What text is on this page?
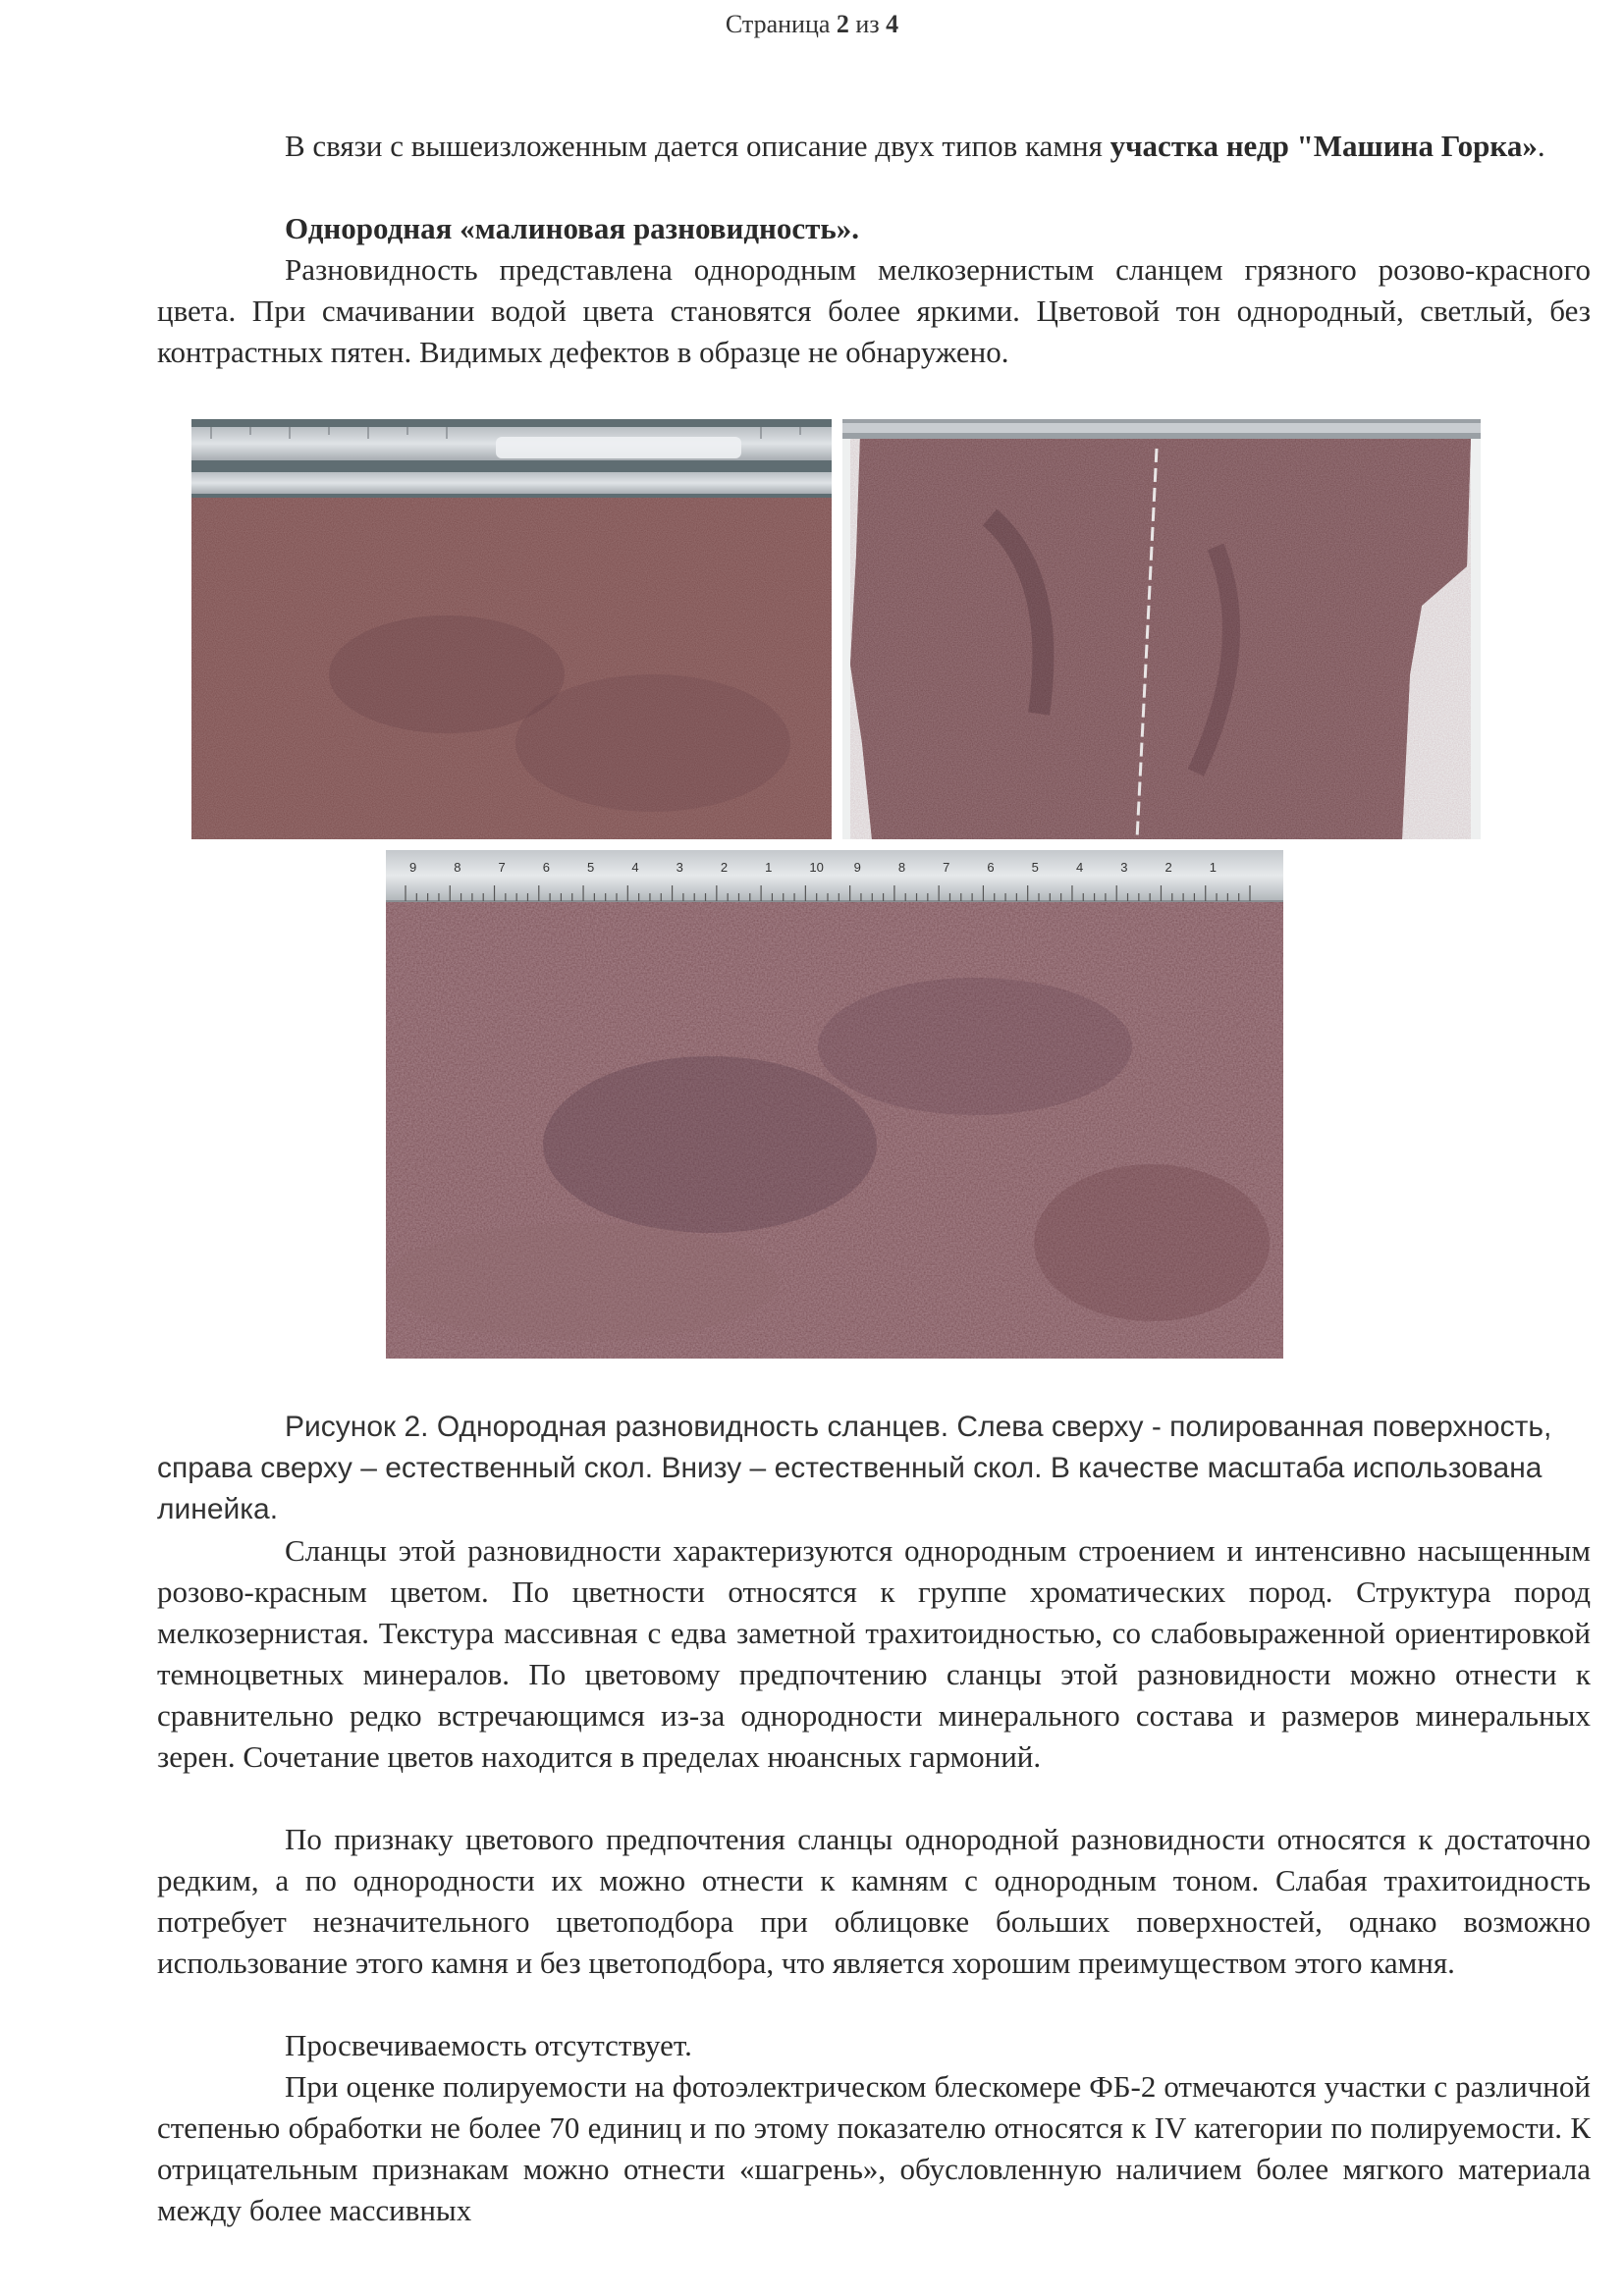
Страница 2 из 4

В связи с вышеизложенным дается описание двух типов камня участка недр "Машина Горка».

Однородная «малиновая разновидность».

Разновидность представлена однородным мелкозернистым сланцем грязного розово-красного цвета. При смачивании водой цвета становятся более яркими. Цветовой тон однородный, светлый, без контрастных пятен. Видимых дефектов в образце не обнаружено.

9	8	7	6	5	4	3	2	1	10 9	8	7	6	5	4	3	2	1

Рисунок 2. Однородная разновидность сланцев. Слева сверху - полированная поверхность, справа сверху – естественный скол. Внизу – естественный скол. В качестве масштаба использована линейка.

Сланцы этой разновидности характеризуются однородным строением и интенсивно насыщенным розово-красным цветом. По цветности относятся к группе хроматических пород. Структура пород мелкозернистая. Текстура массивная с едва заметной трахитоидностью, со слабовыраженной ориентировкой темноцветных минералов. По цветовому предпочтению сланцы этой разновидности можно отнести к сравнительно редко встречающимся из-за однородности минерального состава и размеров минеральных зерен. Сочетание цветов находится в пределах нюансных гармоний.

По признаку цветового предпочтения сланцы однородной разновидности относятся к достаточно редким, а по однородности их можно отнести к камням с однородным тоном. Слабая трахитоидность потребует незначительного цветоподбора при облицовке больших поверхностей, однако возможно использование этого камня и без цветоподбора, что является хорошим преимуществом этого камня.

Просвечиваемость отсутствует.

При оценке полируемости на фотоэлектрическом блескомере ФБ-2 отмечаются участки с различной степенью обработки не более 70 единиц и по этому показателю относятся к IV категории по полируемости. К отрицательным признакам можно отнести «шагрень», обусловленную наличием более мягкого материала между более массивных
